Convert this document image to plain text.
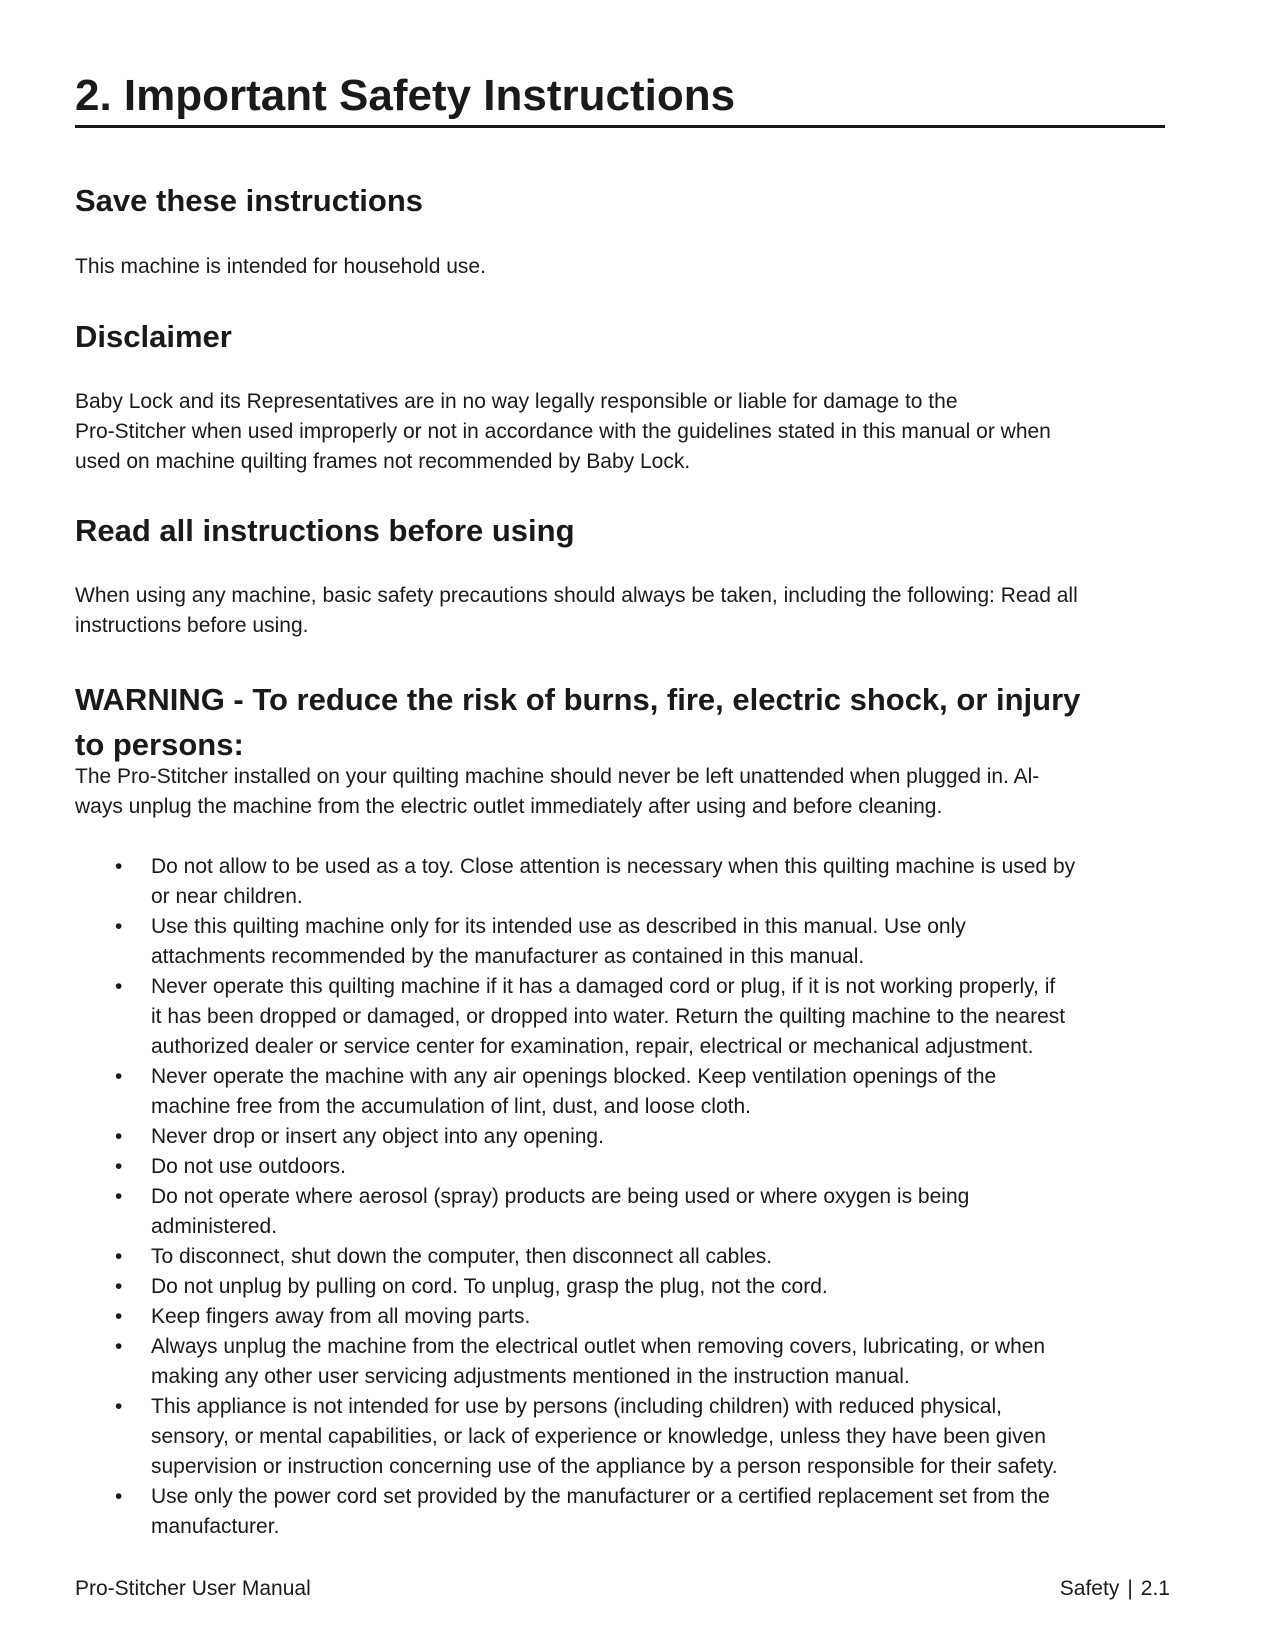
2. Important Safety Instructions
Save these instructions

This machine is intended for household use.

Disclaimer

Baby Lock and its Representatives are in no way legally responsible or liable for damage to the
Pro-Stitcher when used improperly or not in accordance with the guidelines stated in this manual or when
used on machine quilting frames not recommended by Baby Lock.

Read all instructions before using

When using any machine, basic safety precautions should always be taken, including the following: Read all
instructions before using.

WARNING - To reduce the risk of burns, fire, electric shock, or injury
to persons:

The Pro-Stitcher installed on your quilting machine should never be left unattended when plugged in. Al-
ways unplug the machine from the electric outlet immediately after using and before cleaning.

• Do not allow to be used as a toy. Close attention is necessary when this quilting machine is used by
or near children.
• Use this quilting machine only for its intended use as described in this manual. Use only
attachments recommended by the manufacturer as contained in this manual.
• Never operate this quilting machine if it has a damaged cord or plug, if it is not working properly, if
it has been dropped or damaged, or dropped into water. Return the quilting machine to the nearest
authorized dealer or service center for examination, repair, electrical or mechanical adjustment.
• Never operate the machine with any air openings blocked. Keep ventilation openings of the
machine free from the accumulation of lint, dust, and loose cloth.
• Never drop or insert any object into any opening.
• Do not use outdoors.
• Do not operate where aerosol (spray) products are being used or where oxygen is being
administered.
• To disconnect, shut down the computer, then disconnect all cables.
• Do not unplug by pulling on cord. To unplug, grasp the plug, not the cord.
• Keep fingers away from all moving parts.
• Always unplug the machine from the electrical outlet when removing covers, lubricating, or when
making any other user servicing adjustments mentioned in the instruction manual.
• This appliance is not intended for use by persons (including children) with reduced physical,
sensory, or mental capabilities, or lack of experience or knowledge, unless they have been given
supervision or instruction concerning use of the appliance by a person responsible for their safety.
• Use only the power cord set provided by the manufacturer or a certified replacement set from the
manufacturer.
Pro-Stitcher User Manual	Safety | 2.1
